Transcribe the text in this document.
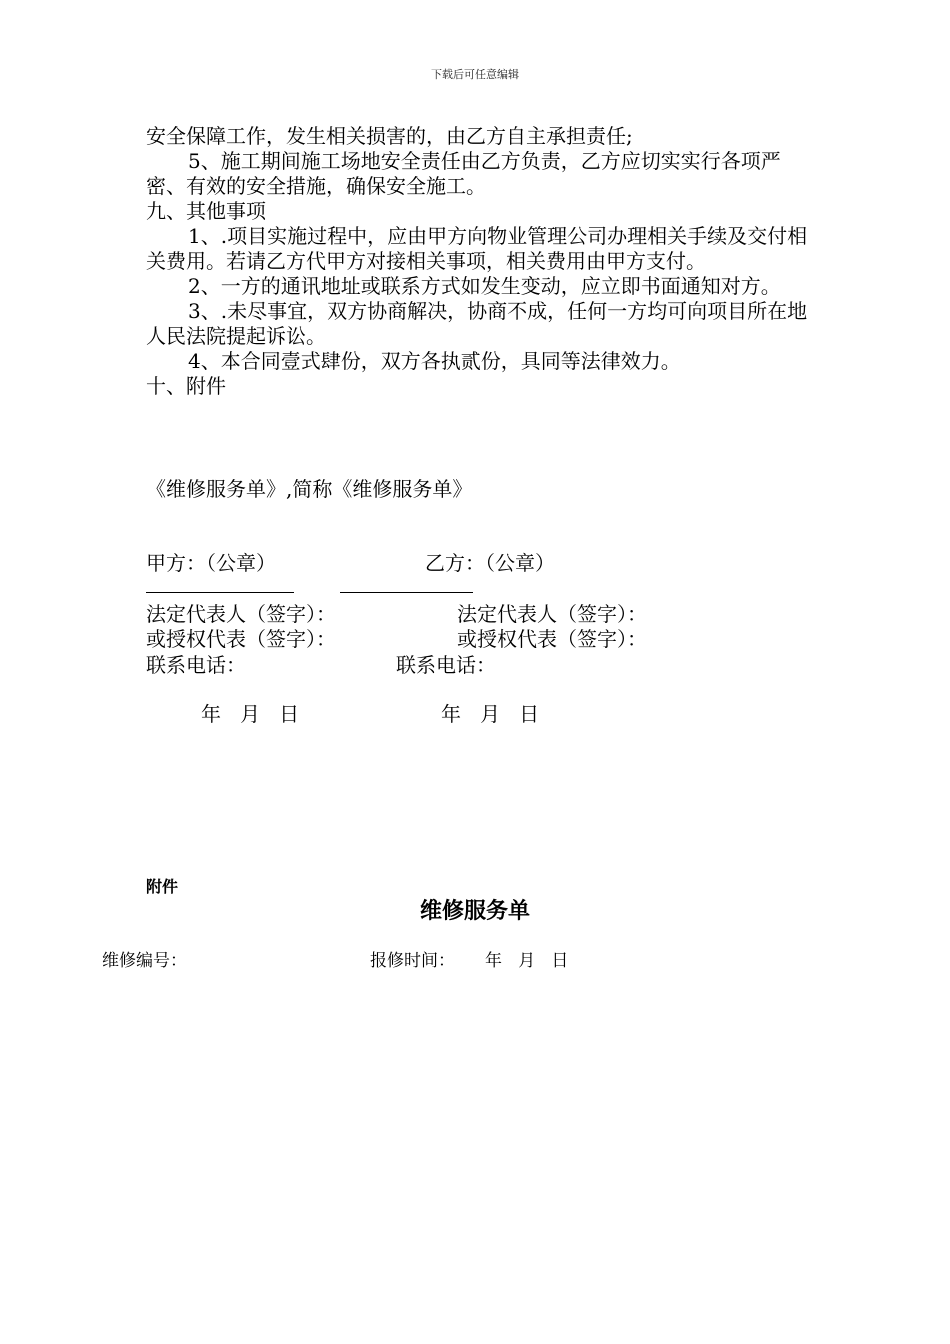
下载后可任意编辑

安全保障工作，发生相关损害的，由乙方自主承担责任;

5、施工期间施工场地安全责任由乙方负责，乙方应切实实行各项严密、有效的安全措施，确保安全施工。

九、其他事项

1、.项目实施过程中，应由甲方向物业管理公司办理相关手续及交付相关费用。若请乙方代甲方对接相关事项，相关费用由甲方支付。

2、一方的通讯地址或联系方式如发生变动，应立即书面通知对方。

3、.未尽事宜，双方协商解决，协商不成，任何一方均可向项目所在地人民法院提起诉讼。

4、本合同壹式肆份，双方各执贰份，具同等法律效力。

十、附件

《维修服务单》,简称《维修服务单》
甲方：（公章）	乙方：（公章）
法定代表人（签字）：	法定代表人（签字）：
或授权代表（签字）：	或授权代表（签字）：
联系电话：	联系电话：
年   月   日	年   月   日
附件
维修服务单
维修编号：	报修时间： 年   月   日
